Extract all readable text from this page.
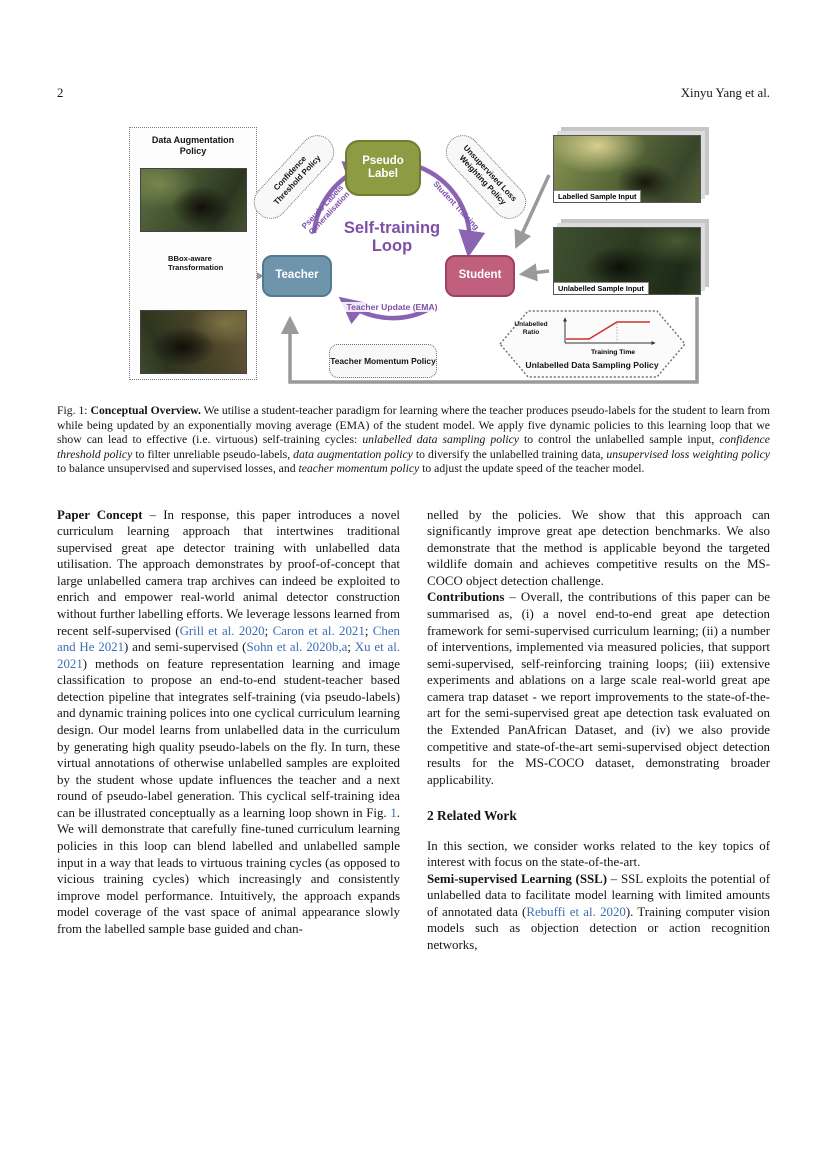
2	Xinyu Yang et al.
Data Augmentation Policy
BBox-aware Transformation
Pseudo Label
Teacher	Student
Self-training Loop
Confidence Threshold Policy	Unsupervised Loss Weighting Policy
Pseudo Labels Generalisation	Student Training
Teacher Update (EMA)
Teacher Momentum Policy
Labelled Sample Input
Unlabelled Sample Input
Unlabelled Ratio
Training Time
Unlabelled Data Sampling Policy
Fig. 1: Conceptual Overview. We utilise a student-teacher paradigm for learning where the teacher produces pseudo-labels for the student to learn from while being updated by an exponentially moving average (EMA) of the student model. We apply five dynamic policies to this learning loop that we show can lead to effective (i.e. virtuous) self-training cycles: unlabelled data sampling policy to control the unlabelled sample input, confidence threshold policy to filter unreliable pseudo-labels, data augmentation policy to diversify the unlabelled training data, unsupervised loss weighting policy to balance unsupervised and supervised losses, and teacher momentum policy to adjust the update speed of the teacher model.

Paper Concept – In response, this paper introduces a novel curriculum learning approach that intertwines traditional supervised great ape detector training with unlabelled data utilisation. The approach demonstrates by proof-of-concept that large unlabelled camera trap archives can indeed be exploited to enrich and empower real-world animal detector construction without further labelling efforts. We leverage lessons learned from recent self-supervised (Grill et al. 2020; Caron et al. 2021; Chen and He 2021) and semi-supervised (Sohn et al. 2020b,a; Xu et al. 2021) methods on feature representation learning and image classification to propose an end-to-end student-teacher based detection pipeline that integrates self-training (via pseudo-labels) and dynamic training polices into one cyclical curriculum learning design. Our model learns from unlabelled data in the curriculum by generating high quality pseudo-labels on the fly. In turn, these virtual annotations of otherwise unlabelled samples are exploited by the student whose update influences the teacher and a next round of pseudo-label generation. This cyclical self-training idea can be illustrated conceptually as a learning loop shown in Fig. 1. We will demonstrate that carefully fine-tuned curriculum learning policies in this loop can blend labelled and unlabelled sample input in a way that leads to virtuous training cycles (as opposed to vicious training cycles) which increasingly and consistently improve model performance. Intuitively, the approach expands model coverage of the vast space of animal appearance slowly from the labelled sample base guided and chan-

nelled by the policies. We show that this approach can significantly improve great ape detection benchmarks. We also demonstrate that the method is applicable beyond the targeted wildlife domain and achieves competitive results on the MS-COCO object detection challenge.

Contributions – Overall, the contributions of this paper can be summarised as, (i) a novel end-to-end great ape detection framework for semi-supervised curriculum learning; (ii) a number of interventions, implemented via measured policies, that support semi-supervised, self-reinforcing training loops; (iii) extensive experiments and ablations on a large scale real-world great ape camera trap dataset - we report improvements to the state-of-the-art for the semi-supervised great ape detection task evaluated on the Extended PanAfrican Dataset, and (iv) we also provide competitive and state-of-the-art semi-supervised object detection results for the MS-COCO dataset, demonstrating broader applicability.

2 Related Work

In this section, we consider works related to the key topics of interest with focus on the state-of-the-art.

Semi-supervised Learning (SSL) – SSL exploits the potential of unlabelled data to facilitate model learning with limited amounts of annotated data (Rebuffi et al. 2020). Training computer vision models such as objection detection or action recognition networks,
